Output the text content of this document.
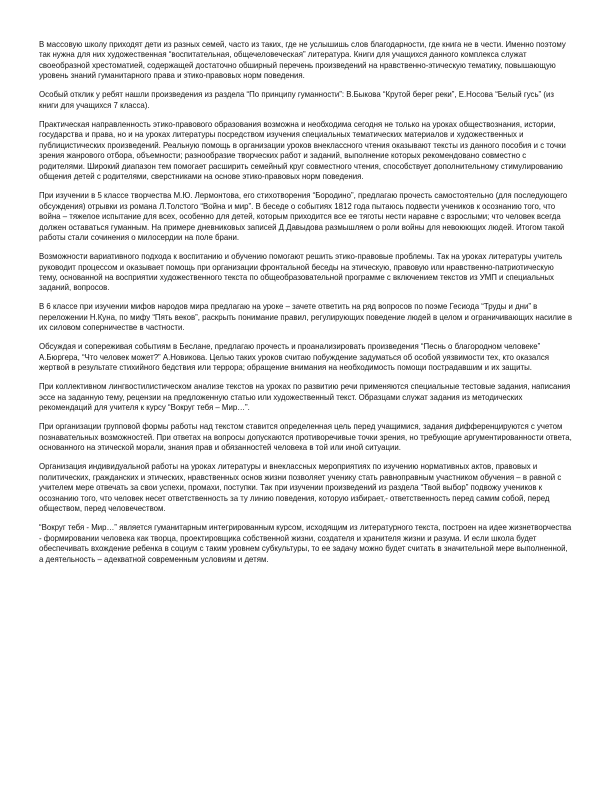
В массовую школу приходят дети из разных семей, часто из таких, где не услышишь слов благодарности, где книга не в чести. Именно поэтому так нужна для них художественная “воспитательная, общечеловеческая” литература. Книги для учащихся данного комплекса служат своеобразной хрестоматией, содержащей достаточно обширный перечень произведений на нравственно-этическую тематику, повышающую уровень знаний гуманитарного права и этико-правовых норм поведения.

Особый отклик у ребят нашли произведения из раздела “По принципу гуманности”: В.Быкова “Крутой берег реки”, Е.Носова “Белый гусь” (из книги для учащихся 7 класса).

Практическая направленность этико-правового образования возможна и необходима сегодня не только на уроках обществознания, истории, государства и права, но и на уроках литературы посредством изучения специальных тематических материалов и художественных и публицистических произведений. Реальную помощь в организации уроков внеклассного чтения оказывают тексты из данного пособия и с точки зрения жанрового отбора, объемности; разнообразие творческих работ и заданий, выполнение которых рекомендовано совместно с родителями. Широкий диапазон тем помогает расширить семейный круг совместного чтения, способствует дополнительному стимулированию общения детей с родителями, сверстниками на основе этико-правовых норм поведения.

При изучении в 5 классе творчества М.Ю. Лермонтова, его стихотворения “Бородино”, предлагаю прочесть самостоятельно (для последующего обсуждения) отрывки из романа Л.Толстого “Война и мир”. В беседе о событиях 1812 года пытаюсь подвести учеников к осознанию того, что война – тяжелое испытание для всех, особенно для детей, которым приходится все ее тяготы нести наравне с взрослыми; что человек всегда должен оставаться гуманным. На примере дневниковых записей Д.Давыдова размышляем о роли войны для невоюющих людей. Итогом такой работы стали сочинения о милосердии на поле брани.

Возможности вариативного подхода к воспитанию и обучению помогают решить этико-правовые проблемы. Так на уроках литературы учитель руководит процессом и оказывает помощь при организации фронтальной беседы на этическую, правовую или нравственно-патриотическую тему, основанной на восприятии художественного текста по общеобразовательной программе с включением текстов из УМП и специальных заданий, вопросов.

В 6 классе при изучении мифов народов мира предлагаю на уроке – зачете ответить на ряд вопросов по поэме Гесиода “Труды и дни” в переложении Н.Куна, по мифу “Пять веков”, раскрыть понимание правил, регулирующих поведение людей в целом и ограничивающих насилие в их силовом соперничестве в частности.

Обсуждая и сопереживая событиям в Беслане, предлагаю прочесть и проанализировать произведения “Песнь о благородном человеке” А.Бюргера, “Что человек может?” А.Новикова. Целью таких уроков считаю побуждение задуматься об особой уязвимости тех, кто оказался жертвой в результате стихийного бедствия или террора; обращение внимания на необходимость помощи пострадавшим и их защиты.

При коллективном лингвостилистическом анализе текстов на уроках по развитию речи применяются специальные тестовые задания, написания эссе на заданную тему, рецензии на предложенную статью или художественный текст. Образцами служат задания из методических рекомендаций для учителя к курсу “Вокруг тебя – Мир…”.

При организации групповой формы работы над текстом ставится определенная цель перед учащимися, задания дифференцируются с учетом познавательных возможностей. При ответах на вопросы допускаются противоречивые точки зрения, но требующие аргументированности ответа, основанного на этической морали, знания прав и обязанностей человека в той или иной ситуации.

Организация индивидуальной работы на уроках литературы и внеклассных мероприятиях по изучению нормативных актов, правовых и политических, гражданских и этических, нравственных основ жизни позволяет ученику стать равноправным участником обучения – в равной с учителем мере отвечать за свои успехи, промахи, поступки. Так при изучении произведений из раздела “Твой выбор” подвожу учеников к осознанию того, что человек несет ответственность за ту линию поведения, которую избирает,- ответственность перед самим собой, перед обществом, перед человечеством.

“Вокруг тебя - Мир…” является гуманитарным интегрированным курсом, исходящим из литературного текста, построен на идее жизнетворчества - формировании человека как творца, проектировщика собственной жизни, создателя и хранителя жизни и разума. И если школа будет обеспечивать вхождение ребенка в социум с таким уровнем субкультуры, то ее задачу можно будет считать в значительной мере выполненной, а деятельность – адекватной современным условиям и детям.
